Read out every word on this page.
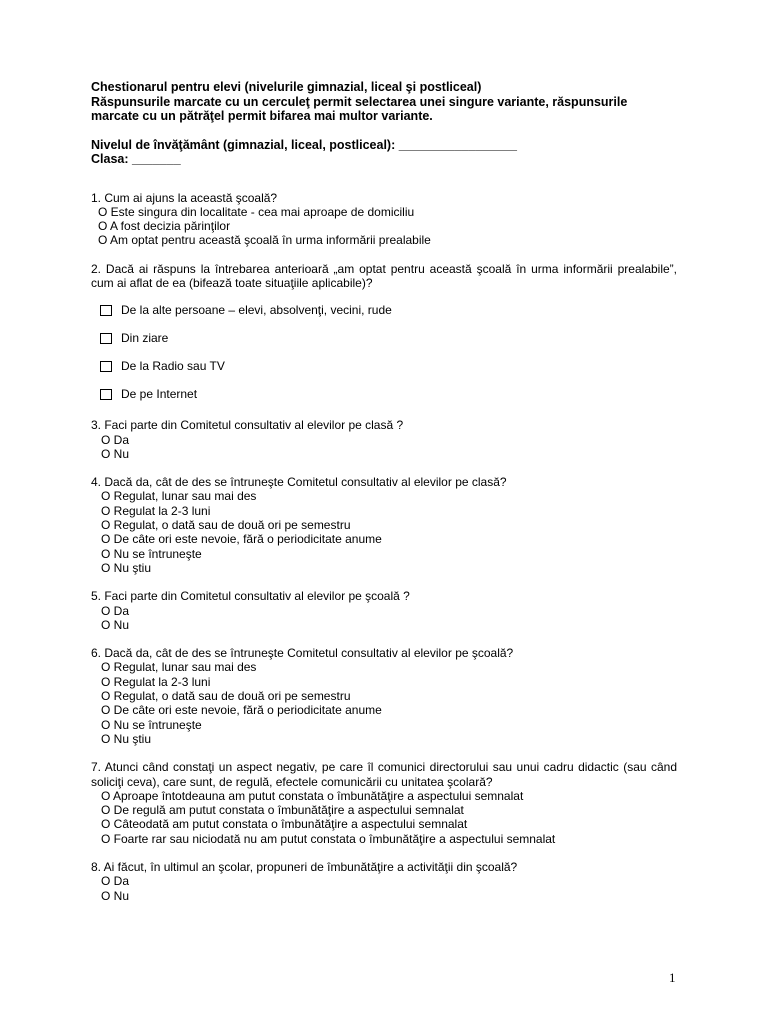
Chestionarul pentru elevi (nivelurile gimnazial, liceal şi postliceal)
Răspunsurile marcate cu un cerculeţ permit selectarea unei singure variante, răspunsurile
marcate cu un pătrăţel permit bifarea mai multor variante.
Nivelul de învăţământ (gimnazial, liceal, postliceal): _________________
Clasa: _______
1. Cum ai ajuns la această şcoală?
O Este singura din localitate - cea mai aproape de domiciliu
O A fost decizia părinţilor
O Am optat pentru această şcoală în urma informării prealabile
2. Dacă ai răspuns la întrebarea anterioară „am optat pentru această şcoală în urma informării prealabile”, cum ai aflat de ea (bifează toate situaţiile aplicabile)?
De la alte persoane – elevi, absolvenţi, vecini, rude
Din ziare
De la Radio sau TV
De pe Internet
3. Faci parte din Comitetul consultativ al elevilor pe clasă ?
O Da
O Nu
4. Dacă da, cât de des se întruneşte Comitetul consultativ al elevilor pe clasă?
O Regulat, lunar sau mai des
O Regulat la 2-3 luni
O Regulat, o dată sau de două ori pe semestru
O De câte ori este nevoie, fără o periodicitate anume
O Nu se întruneşte
O Nu ştiu
5. Faci parte din Comitetul consultativ al elevilor pe şcoală ?
O Da
O Nu
6. Dacă da, cât de des se întruneşte Comitetul consultativ al elevilor pe şcoală?
O Regulat, lunar sau mai des
O Regulat la 2-3 luni
O Regulat, o dată sau de două ori pe semestru
O De câte ori este nevoie, fără o periodicitate anume
O Nu se întruneşte
O Nu ştiu
7. Atunci când constaţi un aspect negativ, pe care îl comunici directorului sau unui cadru didactic (sau când soliciţi ceva), care sunt, de regulă, efectele comunicării cu unitatea şcolară?
O Aproape întotdeauna am putut constata o îmbunătăţire a aspectului semnalat
O De regulă am putut constata o îmbunătăţire a aspectului semnalat
O Câteodată am putut constata o îmbunătăţire a aspectului semnalat
O Foarte rar sau niciodată nu am putut constata o îmbunătăţire a aspectului semnalat
8. Ai făcut, în ultimul an şcolar, propuneri de îmbunătăţire a activităţii din şcoală?
O Da
O Nu
1
